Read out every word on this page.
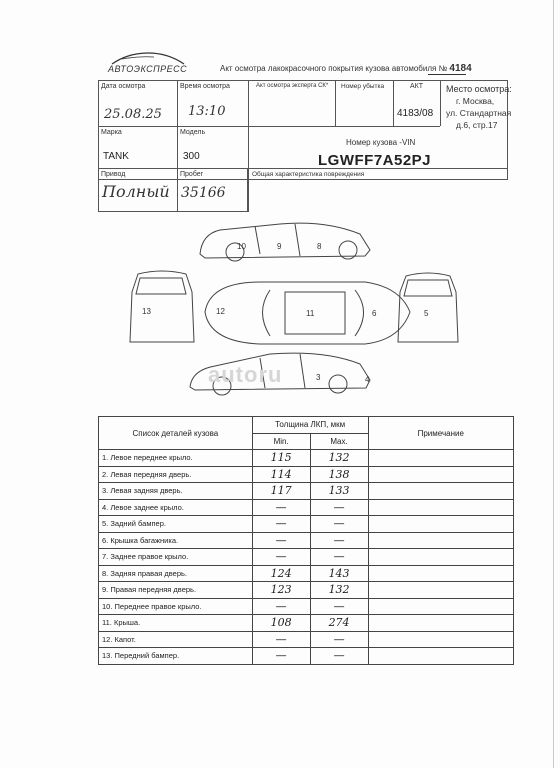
АВТОЭКСПРЕСС	Акт осмотра лакокрасочного покрытия кузова автомобиля № 4184
Дата осмотра
25.08.25
Время осмотра
13:10
Акт осмотра эксперта СК* Номер убытка	АКТ
4183/08
Место осмотра:
г. Москва,
ул. Стандартная
д.6, стр.17
Марка
TANK
Модель
300
Номер кузова -VIN
LGWFF7A52PJ
Привод
Полный
Пробег
35166
Общая характеристика повреждения
10	9	8
13	12	11	6	5
3	4
autoru
Список деталей кузова	Толщина ЛКП, мкм		Примечание
	Min.	Max.	
1. Левое переднее крыло.	115	132	
2. Левая передняя дверь.	114	138	
3. Левая задняя дверь.	117	133	
4. Левое заднее крыло.	—	—	
5. Задний бампер.	—	—	
6. Крышка багажника.	—	—	
7. Заднее правое крыло.	—	—	
8. Задняя правая дверь.	124	143	
9. Правая передняя дверь.	123	132	
10. Переднее правое крыло.	—	—	
11. Крыша.	108	274	
12. Капот.	—	—	
13. Передний бампер.	—	—	
